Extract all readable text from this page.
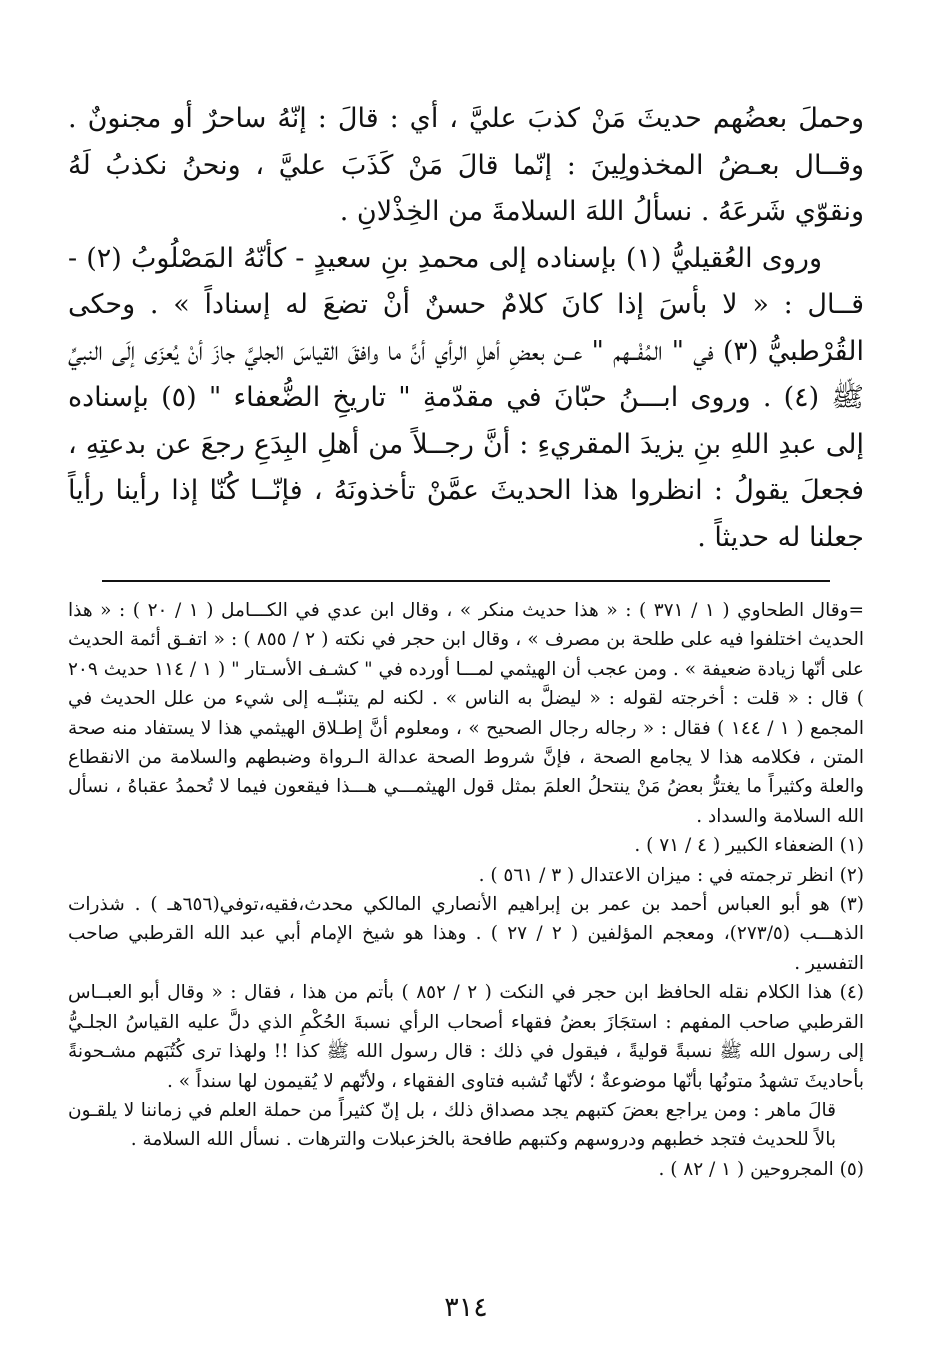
وحملَ بعضُهم حديثَ مَنْ كذبَ عليَّ ، أي : قالَ : إنّهُ ساحرٌ أو مجنونٌ . وقــال بعـضُ المخذولِينَ : إنّما قالَ مَنْ كَذَبَ عليَّ ، ونحنُ نكذبُ لَهُ ونقوّي شَرعَهُ . نسألُ اللهَ السلامةَ من الخِذْلانِ .

وروى العُقيليُّ (١) بإسناده إلى محمدِ بنِ سعيدٍ - كأنّهُ المَصْلُوبُ (٢) - قــال : « لا بأسَ إذا كانَ كلامٌ حسنٌ أنْ تضعَ له إسناداً » . وحكى القُرْطبيُّ (٣) في " المُفْــهم " عــن بعضِ أهلِ الرأي أنَّ ما وافقَ القياسَ الجليَّ جازَ أنْ يُعزَى إلَى النبيِّ ﷺ (٤) . وروى ابـــنُ حبّانَ في مقدّمةِ " تاريخِ الضُّعفاء " (٥) بإسناده إلى عبدِ اللهِ بنِ يزيدَ المقريءِ : أنَّ رجــلاً من أهلِ البِدَعِ رجعَ عن بدعتِهِ ، فجعلَ يقولُ : انظروا هذا الحديثَ عمَّنْ تأخذونَهُ ، فإنّــا كُنّا إذا رأينا رأياً جعلنا له حديثاً .

=وقال الطحاوي ( ١ / ٣٧١ ) : « هذا حديث منكر » ، وقال ابن عدي في الكـــامل ( ١ / ٢٠ ) : « هذا الحديث اختلفوا فيه على طلحة بن مصرف » ، وقال ابن حجر في نكته ( ٢ / ٨٥٥ ) : « اتفـق أئمة الحديث على أنّها زيادة ضعيفة » . ومن عجب أن الهيثمي لمـــا أورده في " كشـف الأسـتار " ( ١ / ١١٤ حديث ٢٠٩ ) قال : « قلت : أخرجته لقوله : « ليضلَّ به الناس » . لكنه لم يتنبّــه إلى شيء من علل الحديث في المجمع ( ١ / ١٤٤ ) فقال : « رجاله رجال الصحيح » ، ومعلوم أنَّ إطـلاق الهيثمي هذا لا يستفاد منه صحة المتن ، فكلامه هذا لا يجامع الصحة ، فإنَّ شروط الصحة عدالة الـرواة وضبطهم والسلامة من الانقطاع والعلة وكثيراً ما يغترُّ بعضُ مَنْ ينتحلُ العلمَ بمثل قول الهيثمـــي هـــذا فيقعون فيما لا تُحمدُ عقباهُ ، نسأل الله السلامة والسداد .

(١) الضعفاء الكبير ( ٤ / ٧١ ) .

(٢) انظر ترجمته في : ميزان الاعتدال ( ٣ / ٥٦١ ) .

(٣) هو أبو العباس أحمد بن عمر بن إبراهيم الأنصاري المالكي محدث،فقيه،توفي(٦٥٦هـ ) . شذرات الذهـــب (٢٧٣/٥)، ومعجم المؤلفين ( ٢ / ٢٧ ) . وهذا هو شيخ الإمام أبي عبد الله القرطبي صاحب التفسير .

(٤) هذا الكلام نقله الحافظ ابن حجر في النكت ( ٢ / ٨٥٢ ) بأتم من هذا ، فقال : « وقال أبو العبــاس القرطبي صاحب المفهم : استجَازَ بعضُ فقهاء أصحاب الرأي نسبةَ الحُكْمِ الذي دلَّ عليه القياسُ الجلـيُّ إلى رسول الله ﷺ نسبةً قوليةً ، فيقول في ذلك : قال رسول الله ﷺ كذا !! ولهذا ترى كُتُبَهم مشـحونةً بأحاديثَ تشهدُ متونُها بأنّها موضوعةٌ ؛ لأنّها تُشبه فتاوى الفقهاء ، ولأنّهم لا يُقيمون لها سنداً » .

قالَ ماهر : ومن يراجع بعضَ كتبهم يجد مصداق ذلك ، بل إنّ كثيراً من حملة العلم في زماننا لا يلقـون بالاً للحديث فتجد خطبهم ودروسهم وكتبهم طافحة بالخزعبلات والترهات . نسأل الله السلامة .

(٥) المجروحين ( ١ / ٨٢ ) .

٣١٤
